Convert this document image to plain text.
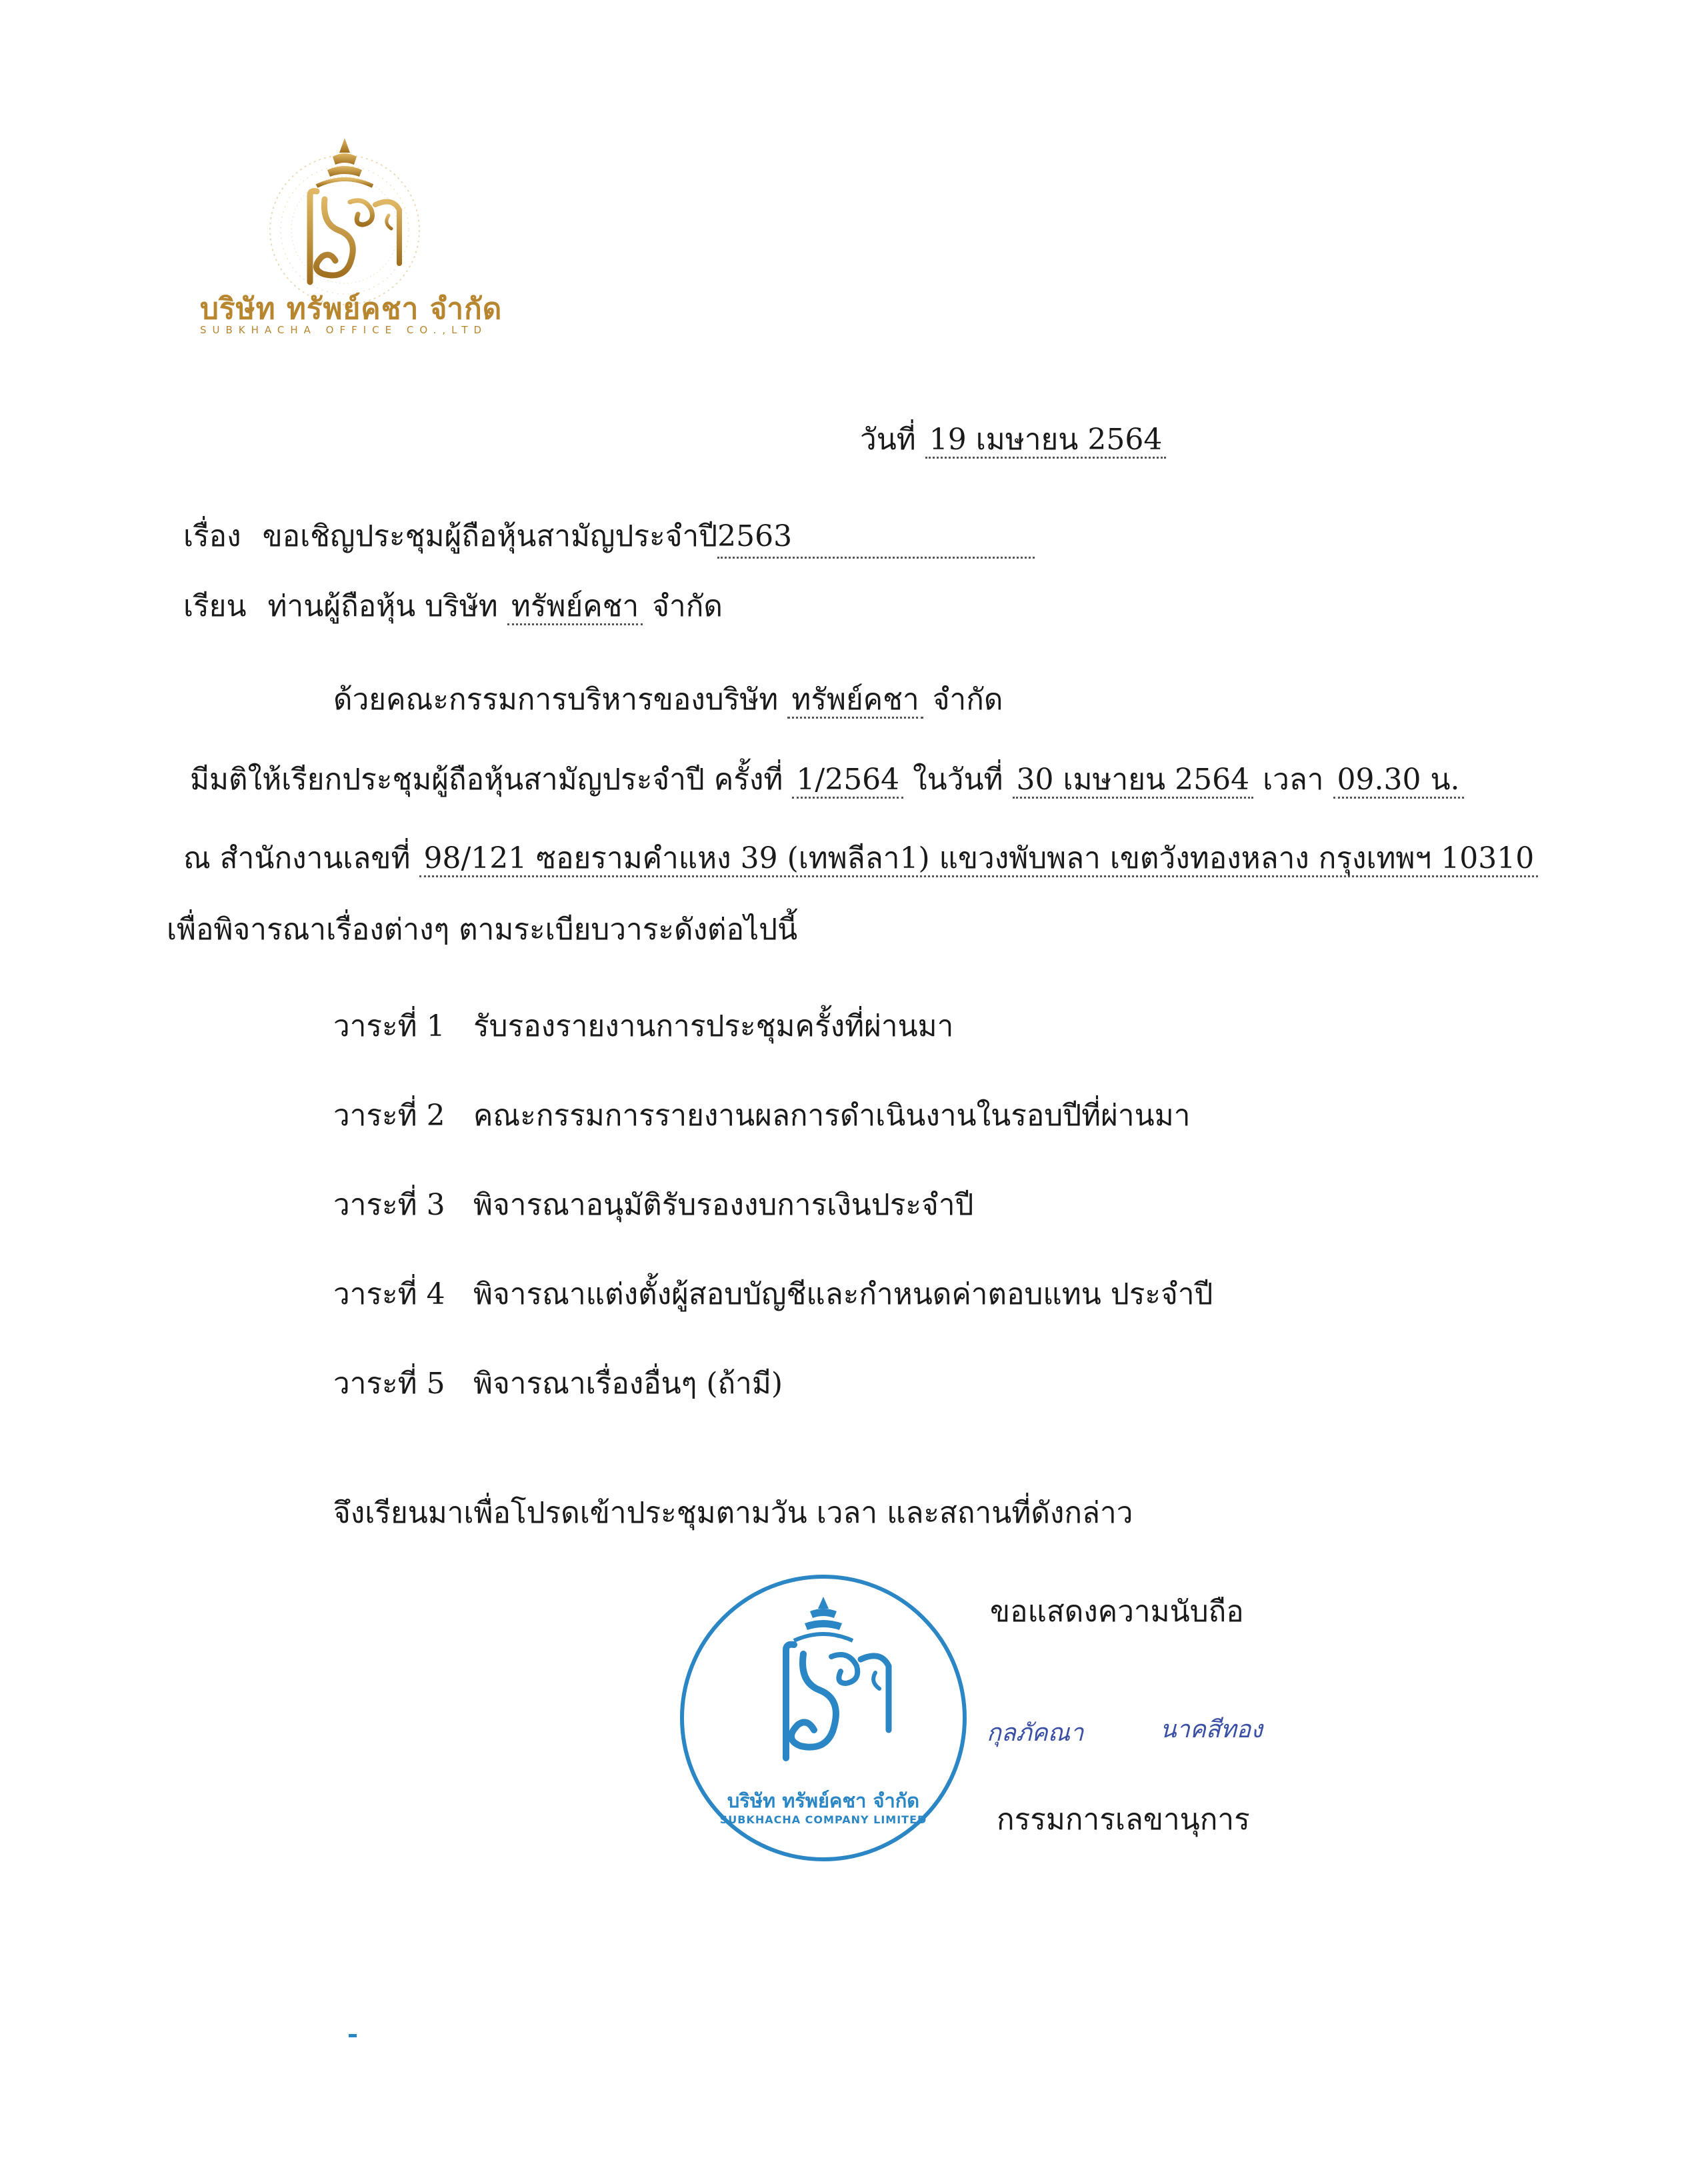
บริษัท ทรัพย์คชา จำกัด
SUBKHACHA OFFICE CO.,LTD
วันที่ 19 เมษายน 2564
เรื่อง ขอเชิญประชุมผู้ถือหุ้นสามัญประจำปี2563
เรียน ท่านผู้ถือหุ้น บริษัท ทรัพย์คชา จำกัด
ด้วยคณะกรรมการบริหารของบริษัท ทรัพย์คชา จำกัด
มีมติให้เรียกประชุมผู้ถือหุ้นสามัญประจำปี ครั้งที่ 1/2564 ในวันที่ 30 เมษายน 2564 เวลา 09.30 น.
ณ สำนักงานเลขที่ 98/121 ซอยรามคำแหง 39 (เทพลีลา1) แขวงพับพลา เขตวังทองหลาง กรุงเทพฯ 10310
เพื่อพิจารณาเรื่องต่างๆ ตามระเบียบวาระดังต่อไปนี้
วาระที่ 1 รับรองรายงานการประชุมครั้งที่ผ่านมา
วาระที่ 2 คณะกรรมการรายงานผลการดำเนินงานในรอบปีที่ผ่านมา
วาระที่ 3 พิจารณาอนุมัติรับรองงบการเงินประจำปี
วาระที่ 4 พิจารณาแต่งตั้งผู้สอบบัญชีและกำหนดค่าตอบแทน ประจำปี
วาระที่ 5 พิจารณาเรื่องอื่นๆ (ถ้ามี)
จึงเรียนมาเพื่อโปรดเข้าประชุมตามวัน เวลา และสถานที่ดังกล่าว
ขอแสดงความนับถือ
บริษัท ทรัพย์คชา จำกัด
SUBKHACHA COMPANY LIMITED
กุลภัคณา	นาคสีทอง
กรรมการเลขานุการ
